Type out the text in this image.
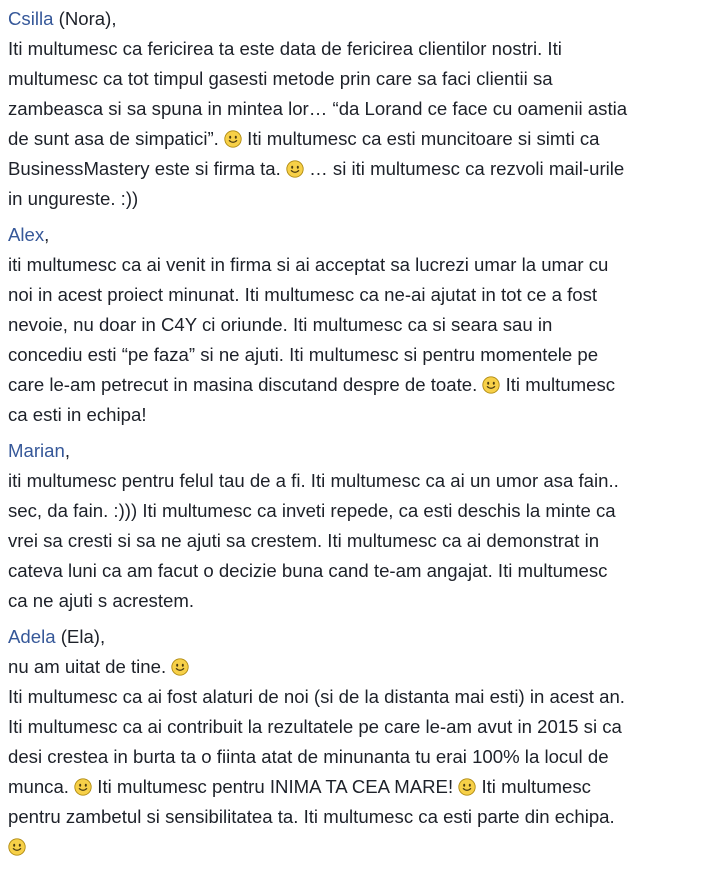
Csilla (Nora),
Iti multumesc ca fericirea ta este data de fericirea clientilor nostri. Iti
multumesc ca tot timpul gasesti metode prin care sa faci clientii sa
zambeasca si sa spuna in mintea lor… “da Lorand ce face cu oamenii astia
de sunt asa de simpatici”.
Iti multumesc ca esti muncitoare si simti ca
BusinessMastery este si firma ta.
… si iti multumesc ca rezvoli mail-urile
in ungureste. :))
Alex,
iti multumesc ca ai venit in firma si ai acceptat sa lucrezi umar la umar cu
noi in acest proiect minunat. Iti multumesc ca ne-ai ajutat in tot ce a fost
nevoie, nu doar in C4Y ci oriunde. Iti multumesc ca si seara sau in
concediu esti “pe faza” si ne ajuti. Iti multumesc si pentru momentele pe
care le-am petrecut in masina discutand despre de toate.
Iti multumesc
ca esti in echipa!
Marian,
iti multumesc pentru felul tau de a fi. Iti multumesc ca ai un umor asa fain..
sec, da fain. :))) Iti multumesc ca inveti repede, ca esti deschis la minte ca
vrei sa cresti si sa ne ajuti sa crestem. Iti multumesc ca ai demonstrat in
cateva luni ca am facut o decizie buna cand te-am angajat. Iti multumesc
ca ne ajuti s acrestem.
Adela (Ela),
nu am uitat de tine.
Iti multumesc ca ai fost alaturi de noi (si de la distanta mai esti) in acest an.
Iti multumesc ca ai contribuit la rezultatele pe care le-am avut in 2015 si ca
desi crestea in burta ta o fiinta atat de minunanta tu erai 100% la locul de
munca.
Iti multumesc pentru INIMA TA CEA MARE!
Iti multumesc
pentru zambetul si sensibilitatea ta. Iti multumesc ca esti parte din echipa.
